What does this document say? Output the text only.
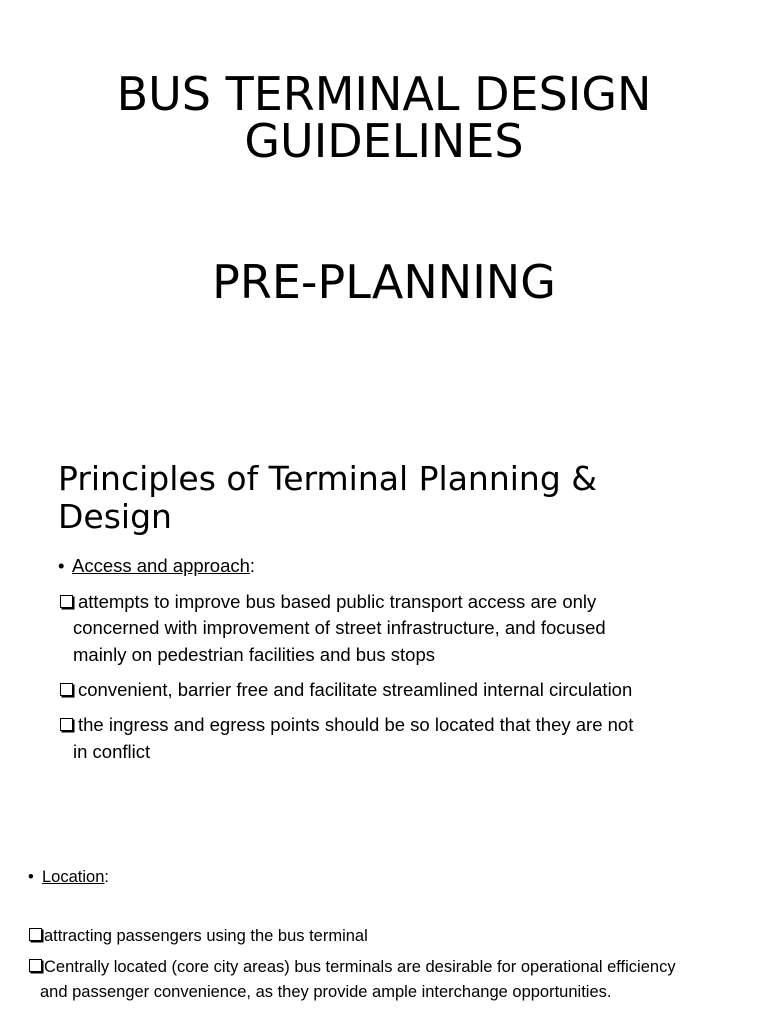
BUS TERMINAL DESIGN
GUIDELINES
PRE-PLANNING
Principles of Terminal Planning &
Design
• Access and approach:
attempts to improve bus based public transport access are only
concerned with improvement of street infrastructure, and focused
mainly on pedestrian facilities and bus stops
convenient, barrier free and facilitate streamlined internal circulation
the ingress and egress points should be so located that they are not
in conflict
• Location:
attracting passengers using the bus terminal
Centrally located (core city areas) bus terminals are desirable for operational efficiency
and passenger convenience, as they provide ample interchange opportunities.
